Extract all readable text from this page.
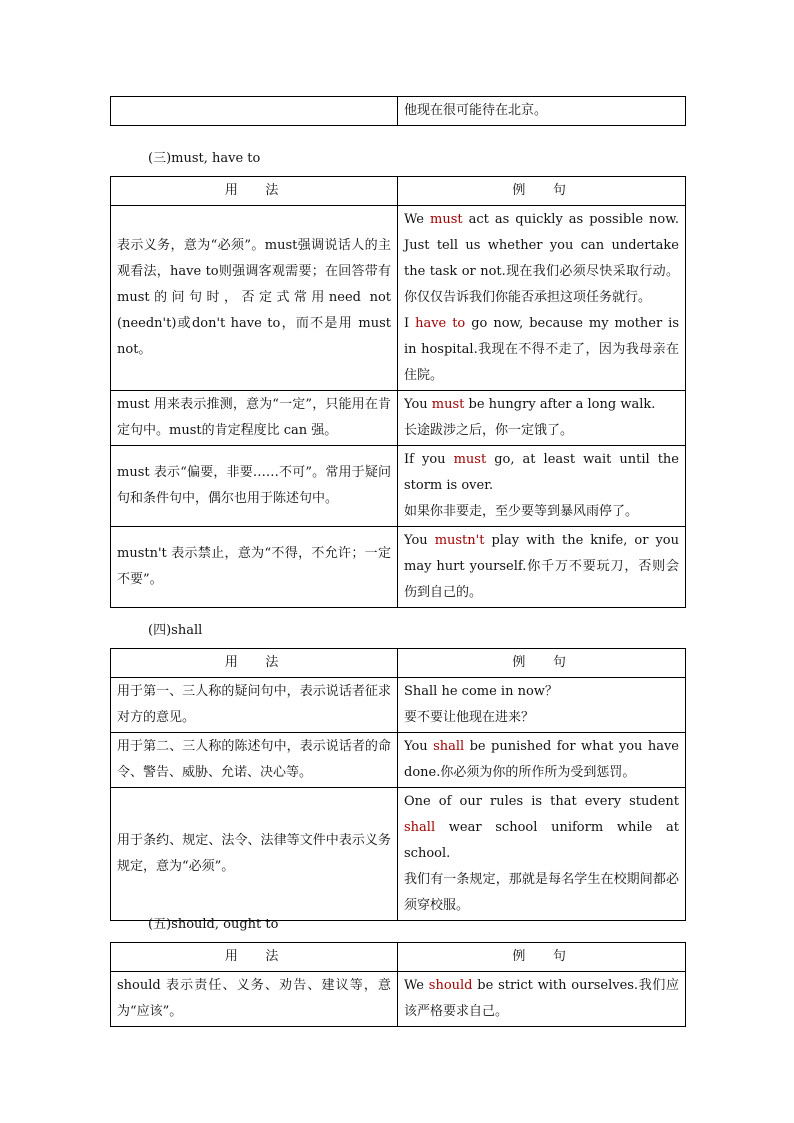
他现在很可能待在北京。

(三)must, have to
用 法	例 句
表示义务，意为“必须”。must强调说话人的主观看法，have to则强调客观需要；在回答带有 must的问句时，否定式常用need not (needn't)或don't have to，而不是用 must not。	We must act as quickly as possible now. Just tell us whether you can undertake the task or not.现在我们必须尽快采取行动。你仅仅告诉我们你能否承担这项任务就行。

I have to go now, because my mother is in hospital.我现在不得不走了，因为我母亲在住院。

must 用来表示推测，意为“一定”，只能用在肯定句中。must的肯定程度比 can 强。	You must be hungry after a long walk.

长途跋涉之后，你一定饿了。

must 表示“偏要，非要……不可”。常用于疑问句和条件句中，偶尔也用于陈述句中。	If you must go, at least wait until the storm is over.

如果你非要走，至少要等到暴风雨停了。

mustn't 表示禁止，意为“不得，不允许；一定不要”。	You mustn't play with the knife, or you may hurt yourself.你千万不要玩刀，否则会伤到自己的。

(四)shall
用 法	例 句
用于第一、三人称的疑问句中，表示说话者征求对方的意见。	Shall he come in now？

要不要让他现在进来？

用于第二、三人称的陈述句中，表示说话者的命令、警告、威胁、允诺、决心等。	You shall be punished for what you have done.你必须为你的所作所为受到惩罚。

用于条约、规定、法令、法律等文件中表示义务规定，意为“必须”。	One of our rules is that every student shall wear school uniform while at school.

我们有一条规定，那就是每名学生在校期间都必须穿校服。

(五)should, ought to
用 法	例 句
should 表示责任、义务、劝告、建议等，意为“应该”。	We should be strict with ourselves.我们应该严格要求自己。
